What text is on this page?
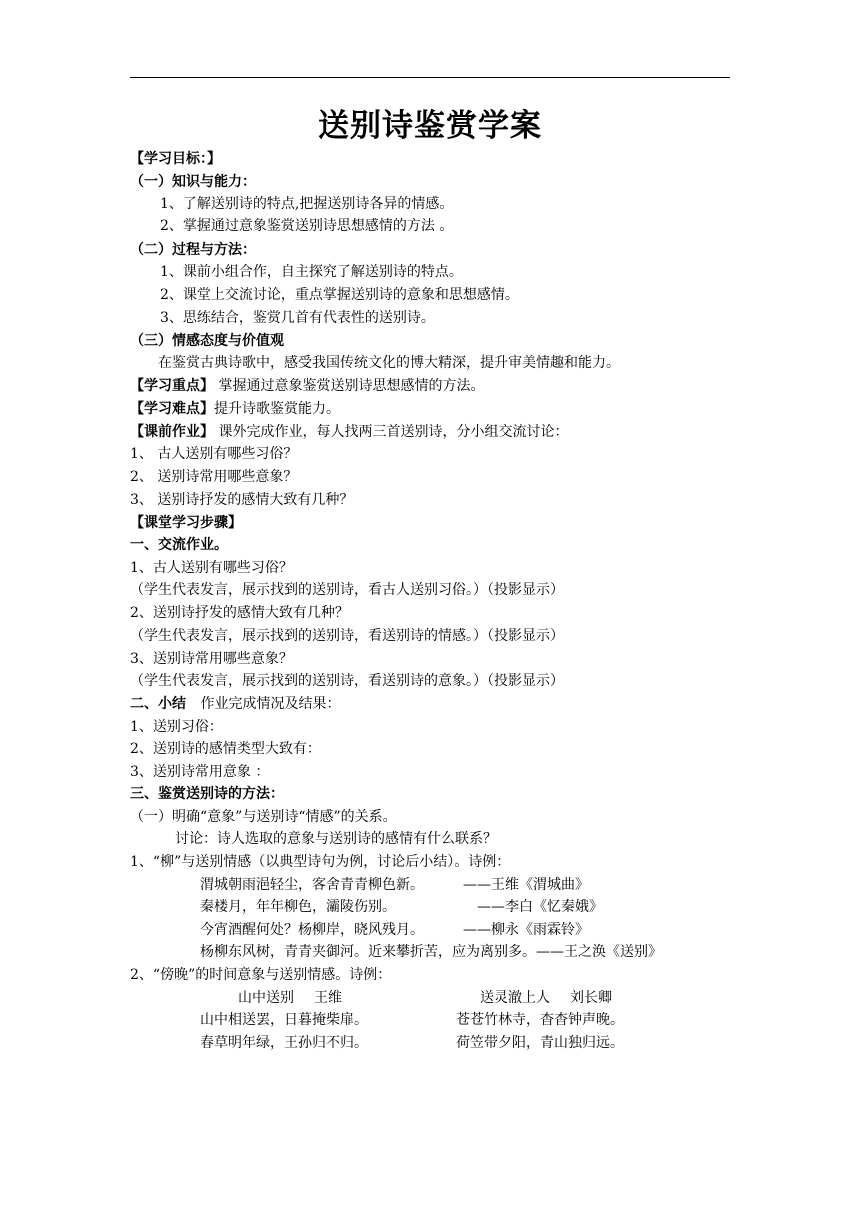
送别诗鉴赏学案
【学习目标：】
（一）知识与能力：
1、了解送别诗的特点,把握送别诗各异的情感。
2、掌握通过意象鉴赏送别诗思想感情的方法 。
（二）过程与方法：
1、课前小组合作，自主探究了解送别诗的特点。
2、课堂上交流讨论，重点掌握送别诗的意象和思想感情。
3、思练结合，鉴赏几首有代表性的送别诗。
（三）情感态度与价值观
在鉴赏古典诗歌中，感受我国传统文化的博大精深，提升审美情趣和能力。
【学习重点】 掌握通过意象鉴赏送别诗思想感情的方法。
【学习难点】提升诗歌鉴赏能力。
【课前作业】 课外完成作业，每人找两三首送别诗，分小组交流讨论：
1、 古人送别有哪些习俗？
2、 送别诗常用哪些意象？
3、 送别诗抒发的感情大致有几种？
【课堂学习步骤】
一、交流作业。
1、古人送别有哪些习俗？
（学生代表发言，展示找到的送别诗，看古人送别习俗。）（投影显示）
2、送别诗抒发的感情大致有几种？
（学生代表发言，展示找到的送别诗，看送别诗的情感。）（投影显示）
3、送别诗常用哪些意象？
（学生代表发言，展示找到的送别诗，看送别诗的意象。）（投影显示）
二、小结 作业完成情况及结果：
1、送别习俗：
2、送别诗的感情类型大致有：
3、送别诗常用意象 ：
三、鉴赏送别诗的方法：
（一）明确“意象”与送别诗“情感”的关系。
讨论：诗人选取的意象与送别诗的感情有什么联系？
1、“柳”与送别情感（以典型诗句为例，讨论后小结）。诗例：
渭城朝雨浥轻尘，客舍青青柳色新。	——王维《渭城曲》
秦楼月，年年柳色，灞陵伤别。	——李白《忆秦娥》
今宵酒醒何处？杨柳岸，晓风残月。	——柳永《雨霖铃》
杨柳东风树，青青夹御河。近来攀折苦，应为离别多。——王之涣《送别》
2、“傍晚”的时间意象与送别情感。诗例：
山中送别 王维	送灵澈上人 刘长卿
山中相送罢，日暮掩柴扉。	苍苍竹林寺，杳杳钟声晚。
春草明年绿，王孙归不归。	荷笠带夕阳，青山独归远。
